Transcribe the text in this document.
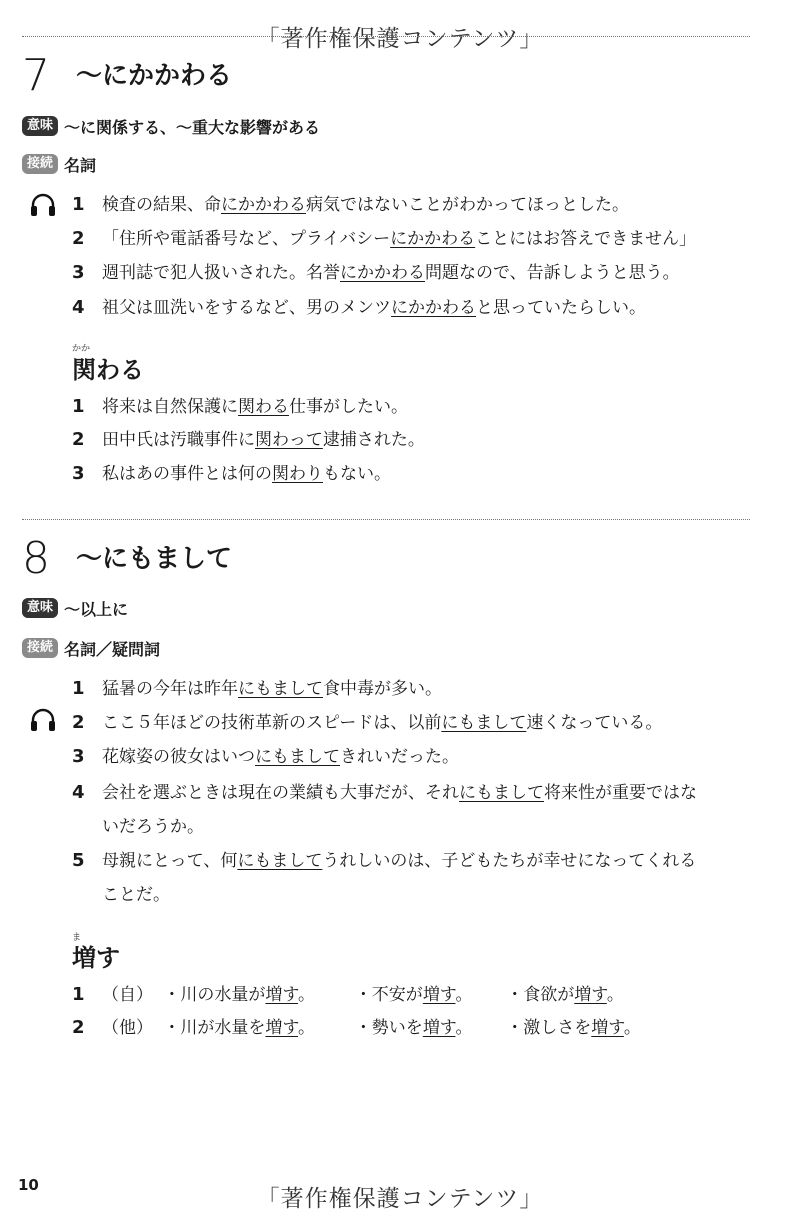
「著作権保護コンテンツ」
7 ～にかかわる
意味 ～に関係する、～重大な影響がある
接続 名詞
1 検査の結果、命にかかわる病気ではないことがわかってほっとした。
2 「住所や電話番号など、プライバシーにかかわることにはお答えできません」
3 週刊誌で犯人扱いされた。名誉にかかわる問題なので、告訴しようと思う。
4 祖父は皿洗いをするなど、男のメンツにかかわると思っていたらしい。
かか
関わる
1 将来は自然保護に関わる仕事がしたい。
2 田中氏は汚職事件に関わって逮捕された。
3 私はあの事件とは何の関わりもない。
8 ～にもまして
意味 ～以上に
接続 名詞／疑問詞
1 猛暑の今年は昨年にもまして食中毒が多い。
2 ここ５年ほどの技術革新のスピードは、以前にもまして速くなっている。
3 花嫁姿の彼女はいつにもましてきれいだった。
4 会社を選ぶときは現在の業績も大事だが、それにもまして将来性が重要ではな
いだろうか。
5 母親にとって、何にもましてうれしいのは、子どもたちが幸せになってくれる
ことだ。
ま
増す
1 （自） ・川の水量が増す。 ・不安が増す。 ・食欲が増す。
2 （他） ・川が水量を増す。 ・勢いを増す。 ・激しさを増す。
10
「著作権保護コンテンツ」
